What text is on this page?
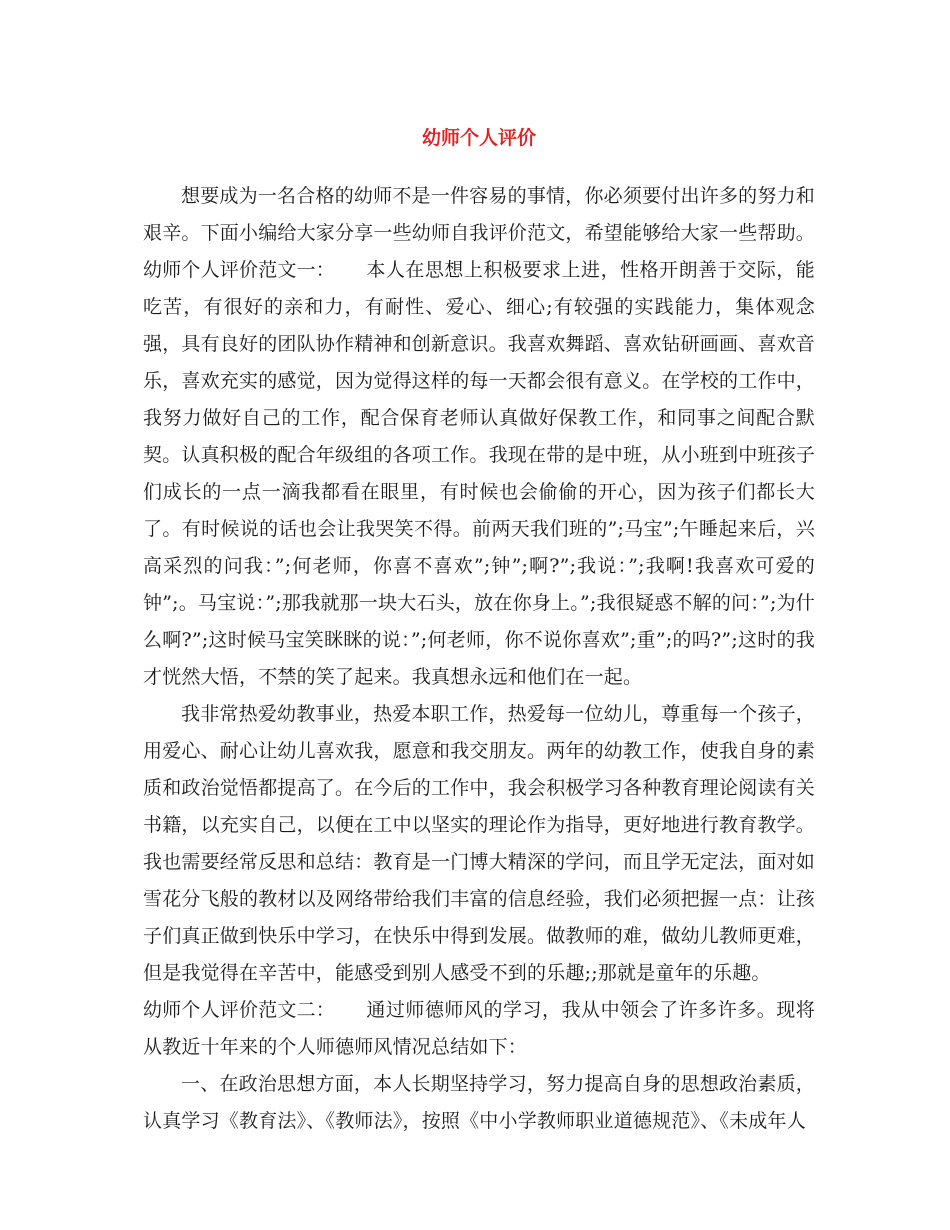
幼师个人评价

想要成为一名合格的幼师不是一件容易的事情，你必须要付出许多的努力和艰辛。下面小编给大家分享一些幼师自我评价范文，希望能够给大家一些帮助。

幼师个人评价范文一： 本人在思想上积极要求上进，性格开朗善于交际，能吃苦，有很好的亲和力，有耐性、爱心、细心;有较强的实践能力，集体观念强，具有良好的团队协作精神和创新意识。我喜欢舞蹈、喜欢钻研画画、喜欢音乐，喜欢充实的感觉，因为觉得这样的每一天都会很有意义。在学校的工作中，我努力做好自己的工作，配合保育老师认真做好保教工作，和同事之间配合默契。认真积极的配合年级组的各项工作。我现在带的是中班，从小班到中班孩子们成长的一点一滴我都看在眼里，有时候也会偷偷的开心，因为孩子们都长大了。有时候说的话也会让我哭笑不得。前两天我们班的”;马宝”;午睡起来后，兴高采烈的问我：”;何老师，你喜不喜欢”;钟”;啊?”;我说：”;我啊!我喜欢可爱的钟”;。马宝说：”;那我就那一块大石头，放在你身上。”;我很疑惑不解的问：”;为什么啊?”;这时候马宝笑眯眯的说：”;何老师，你不说你喜欢”;重”;的吗?”;这时的我才恍然大悟，不禁的笑了起来。我真想永远和他们在一起。

我非常热爱幼教事业，热爱本职工作，热爱每一位幼儿，尊重每一个孩子，用爱心、耐心让幼儿喜欢我，愿意和我交朋友。两年的幼教工作，使我自身的素质和政治觉悟都提高了。在今后的工作中，我会积极学习各种教育理论阅读有关书籍，以充实自己，以便在工中以坚实的理论作为指导，更好地进行教育教学。我也需要经常反思和总结：教育是一门博大精深的学问，而且学无定法，面对如雪花分飞般的教材以及网络带给我们丰富的信息经验，我们必须把握一点：让孩子们真正做到快乐中学习，在快乐中得到发展。做教师的难，做幼儿教师更难，但是我觉得在辛苦中，能感受到别人感受不到的乐趣;;那就是童年的乐趣。

幼师个人评价范文二： 通过师德师风的学习，我从中领会了许多许多。现将从教近十年来的个人师德师风情况总结如下：

一、在政治思想方面，本人长期坚持学习，努力提高自身的思想政治素质，认真学习《教育法》、《教师法》，按照《中小学教师职业道德规范》、《未成年人
